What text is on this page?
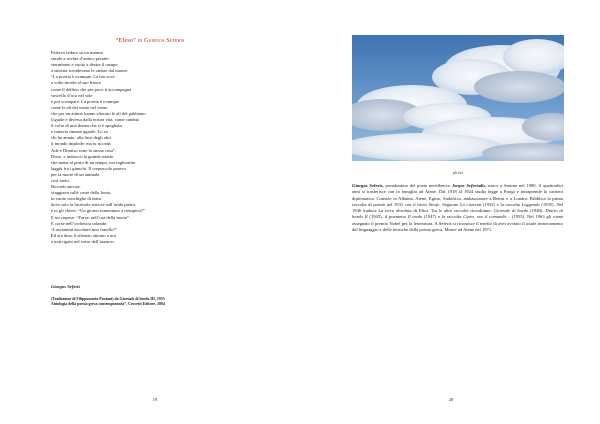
“Efeso” di Giorgos Seferis
Parlava seduto su un marmo
simile a rovina d’antico portale:
sterminato e vuoto a destra il campo
a sinistra scendevano le ombre dal monte:
“La poesia è ovunque. La tua voce
a volte incede al suo fianco
come il delfino che per poco ti accompagna
vascello d’oro nel sole
e poi scompare. La poesia è ovunque
come le ali del vento nel vento
che per un attimo hanno sfiorato le ali del gabbiano.
Uguale e diversa dalla nostra vita, come cambia
il volto di una donna che si è spogliata,
e tuttavia rimane uguale. Lo sa
chi ha amato: alla luce degli altri
il mondo implode; ma tu ricorda
Ade e Dioniso sono la stessa cosa”.
Disse, e imboccò la grande strada
che mena al porto di un tempo, ora inghiottito
laggiù fra i giunchi. Il crepuscolo pareva
per la morte di un animale,
così nudo.
Ricordo ancora:
viaggiava sulle coste della Ionia,
in vuote conchiglie di teatri
dove solo la lucertola striscia sull’arida pietra,
e io gli chiesi: “Un giorno torneranno a riempirsi?”
E mi rispose: “Forse, nell’ora della morte”.
E corse nell’orchestra urlando:
“Lasciatemi ascoltare mio fratello!”
Ed era duro il silenzio attorno a noi
e non rigato nel vetro dell’azzurro.
Giorgos Seferis
(Traduzione di Filippomaria Pontani) da Giornale di bordo III, 1955
Antologia della poesia greca contemporanea”, Crocetti Editore, 2004
19
ph riri
Giorgos Seferis, pseudonimo del poeta neoellenico Jorgos Seferiadis, nasce a Smirne nel 1900. A quattordici anni si trasferisce con la famiglia ad Atene. Dal 1918 al 1924 studia legge a Parigi e intraprende la carriera diplomatica. Console in Albania, Atene, Egitto, Sudafrica, ambasciatore a Beirut e a Londra. Pubblica la prima raccolta di poesie nel 1931 con il titolo Strofe. Seguono La cisterna (1932) e la raccolta Leggenda (1935). Nel 1936 traduce La terra desolata di Eliot. Tra le altre raccolte ricordiamo: Giornale di bordo (1940), Diario di bordo II (1945), il poemetto Il tordo (1947) e la raccolta Cipro, ove il comandò… (1955). Nel 1963 gli viene assegnato il premio Nobel per la letteratura. A Seferis si riconosce il merito di aver avviato il totale rinnovamento del linguaggio e delle tecniche della poesia greca. Muore ad Atene nel 1971.
20
